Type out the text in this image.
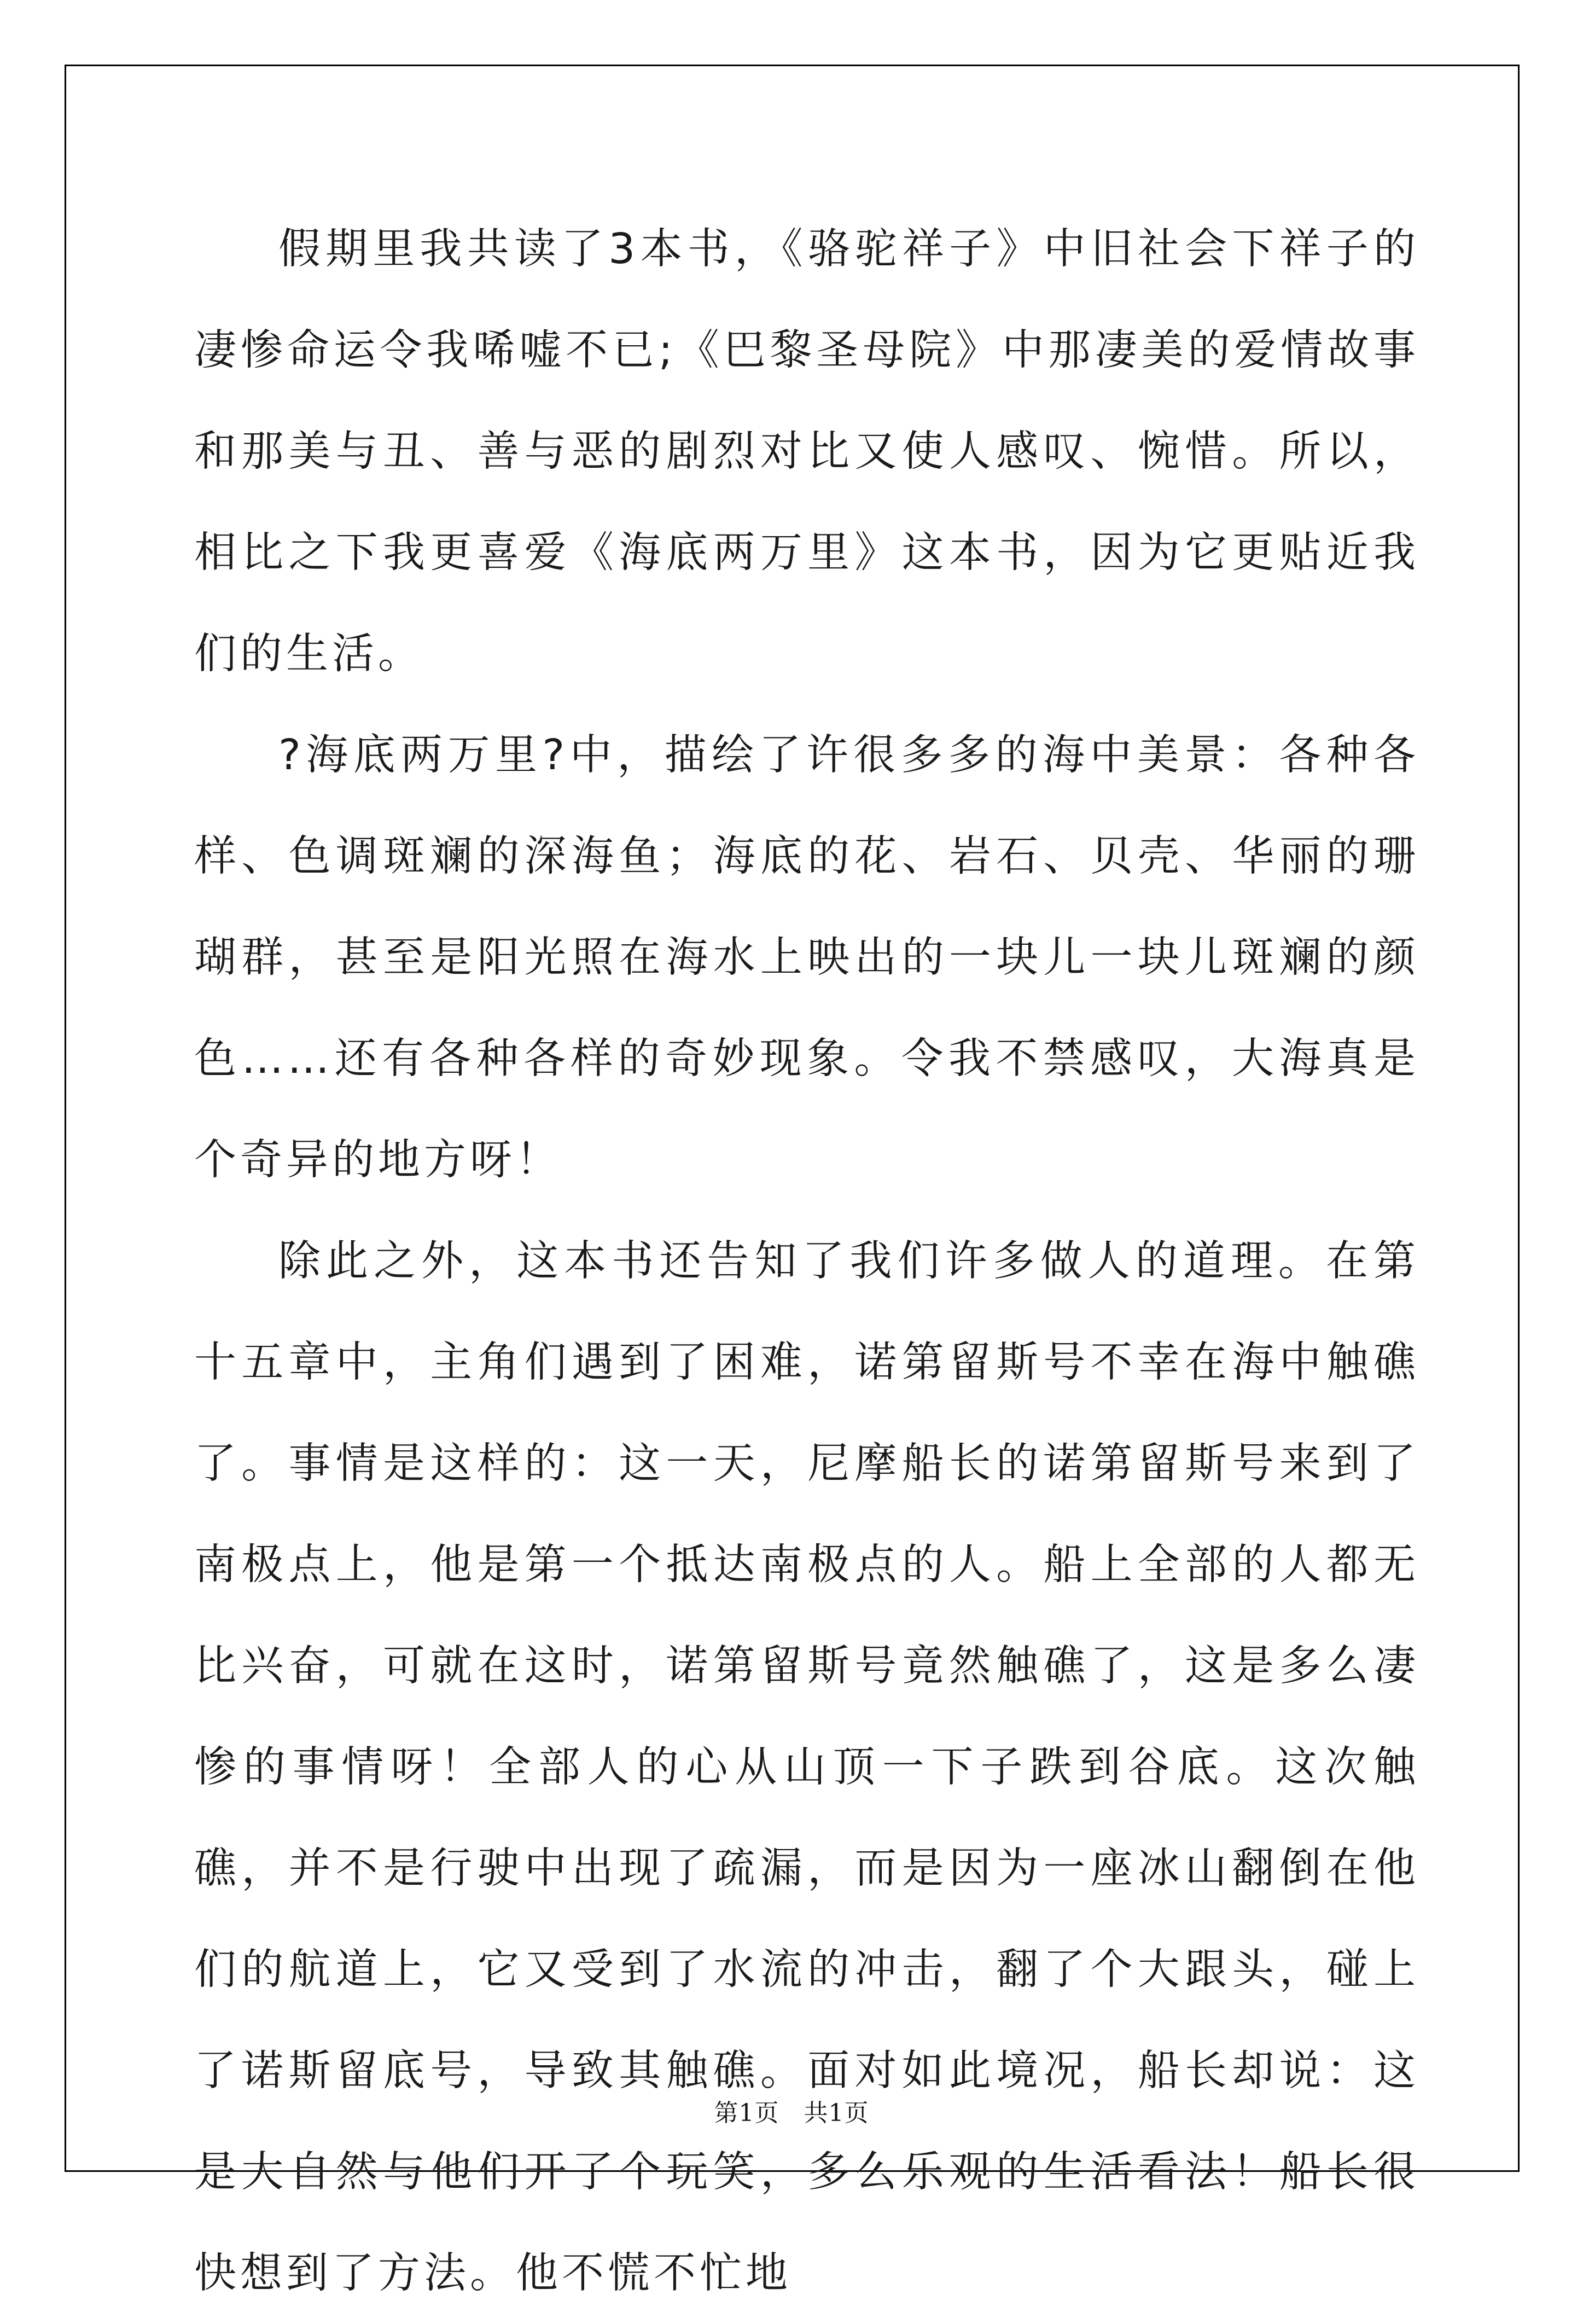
假期里我共读了3本书，《骆驼祥子》中旧社会下祥子的凄惨命运令我唏嘘不已;《巴黎圣母院》中那凄美的爱情故事和那美与丑、善与恶的剧烈对比又使人感叹、惋惜。所以，相比之下我更喜爱《海底两万里》这本书，因为它更贴近我们的生活。

?海底两万里?中，描绘了许很多多的海中美景：各种各样、色调斑斓的深海鱼；海底的花、岩石、贝壳、华丽的珊瑚群，甚至是阳光照在海水上映出的一块儿一块儿斑斓的颜色……还有各种各样的奇妙现象。令我不禁感叹，大海真是个奇异的地方呀！

除此之外，这本书还告知了我们许多做人的道理。在第十五章中，主角们遇到了困难，诺第留斯号不幸在海中触礁了。事情是这样的：这一天，尼摩船长的诺第留斯号来到了南极点上，他是第一个抵达南极点的人。船上全部的人都无比兴奋，可就在这时，诺第留斯号竟然触礁了，这是多么凄惨的事情呀！全部人的心从山顶一下子跌到谷底。这次触礁，并不是行驶中出现了疏漏，而是因为一座冰山翻倒在他们的航道上，它又受到了水流的冲击，翻了个大跟头，碰上了诺斯留底号，导致其触礁。面对如此境况，船长却说：这是大自然与他们开了个玩笑，多么乐观的生活看法！船长很快想到了方法。他不慌不忙地

第1页   共1页
